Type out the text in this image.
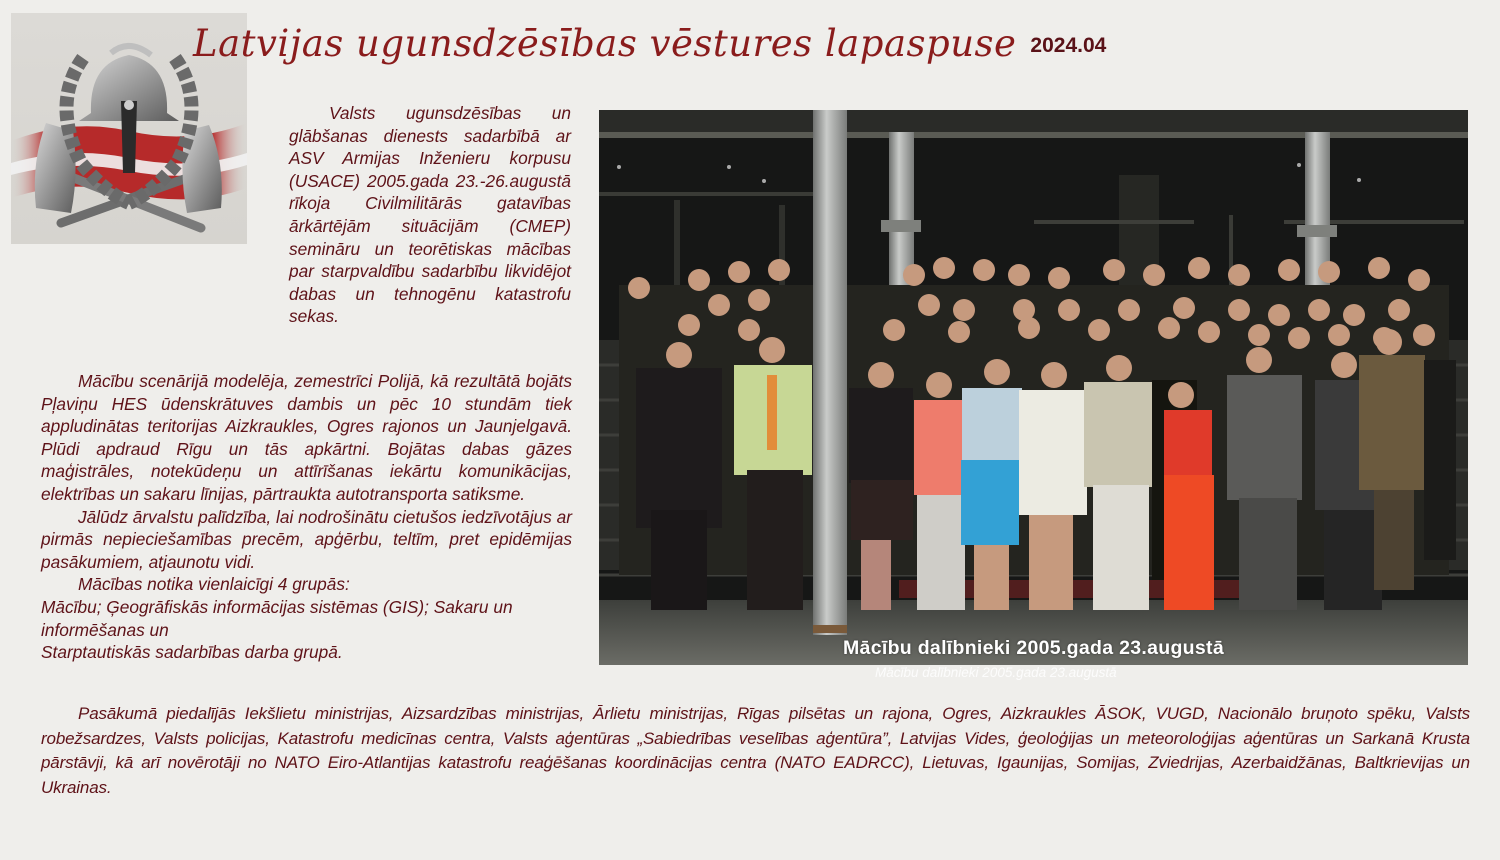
Latvijas ugunsdzēsības vēstures lapaspuse 2024.04

Valsts ugunsdzēsības un glābšanas dienests sadarbībā ar ASV Armijas Inženieru korpusu (USACE) 2005.gada 23.-26.augustā rīkoja Civilmilitārās gatavības ārkārtējām situācijām (CMEP) semināru un teorētiskas mācības par starpvaldību sadarbību likvidējot dabas un tehnogēnu katastrofu sekas.

Mācību scenārijā modelēja, zemestrīci Polijā, kā rezultātā bojāts Pļaviņu HES ūdenskrātuves dambis un pēc 10 stundām tiek appludinātas teritorijas Aizkraukles, Ogres rajonos un Jaunjelgavā. Plūdi apdraud Rīgu un tās apkārtni. Bojātas dabas gāzes maģistrāles, notekūdeņu un attīrīšanas iekārtu komunikācijas, elektrības un sakaru līnijas, pārtraukta autotransporta satiksme.

Jālūdz ārvalstu palīdzība, lai nodrošinātu cietušos iedzīvotājus ar pirmās nepieciešamības precēm, apģērbu, teltīm, pret epidēmijas pasākumiem, atjaunotu vidi.

Mācības notika vienlaicīgi 4 grupās:

Mācību; Ģeogrāfiskās informācijas sistēmas (GIS); Sakaru un informēšanas un

Starptautiskās sadarbības darba grupā.	Mācību dalībnieki 2005.gada 23.augustā
Mācību dalībnieki 2005.gada 23.augustā

Pasākumā piedalījās Iekšlietu ministrijas, Aizsardzības ministrijas, Ārlietu ministrijas, Rīgas pilsētas un rajona, Ogres, Aizkraukles ĀSOK, VUGD, Nacionālo bruņoto spēku, Valsts robežsardzes, Valsts policijas, Katastrofu medicīnas centra, Valsts aģentūras „Sabiedrības veselības aģentūra”, Latvijas Vides, ģeoloģijas un meteoroloģijas aģentūras un Sarkanā Krusta pārstāvji, kā arī novērotāji no NATO Eiro-Atlantijas katastrofu reaģēšanas koordinācijas centra (NATO EADRCC), Lietuvas, Igaunijas, Somijas, Zviedrijas, Azerbaidžānas, Baltkrievijas un Ukrainas.
